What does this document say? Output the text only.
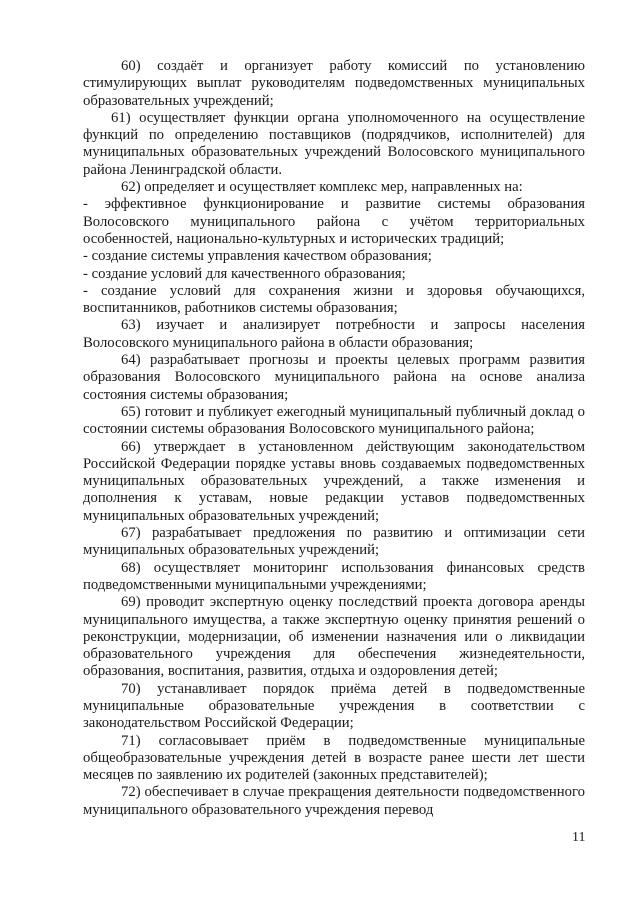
60) создаёт и организует работу комиссий по установлению стимулирующих выплат руководителям подведомственных муниципальных образовательных учреждений;

61) осуществляет функции органа уполномоченного на осуществление функций по определению поставщиков (подрядчиков, исполнителей) для муниципальных образовательных учреждений Волосовского муниципального района Ленинградской области.

62) определяет и осуществляет комплекс мер, направленных на:

- эффективное функционирование и развитие системы образования Волосовского муниципального района с учётом территориальных особенностей, национально-культурных и исторических традиций;

- создание системы управления качеством образования;

- создание условий для качественного образования;

- создание условий для сохранения жизни и здоровья обучающихся, воспитанников, работников системы образования;

63) изучает и анализирует потребности и запросы населения Волосовского муниципального района в области образования;

64) разрабатывает прогнозы и проекты целевых программ развития образования Волосовского муниципального района на основе анализа состояния системы образования;

65) готовит и публикует ежегодный муниципальный публичный доклад о состоянии системы образования Волосовского муниципального района;

66) утверждает в установленном действующим законодательством Российской Федерации порядке уставы вновь создаваемых подведомственных муниципальных образовательных учреждений, а также изменения и дополнения к уставам, новые редакции уставов подведомственных муниципальных образовательных учреждений;

67) разрабатывает предложения по развитию и оптимизации сети муниципальных образовательных учреждений;

68) осуществляет мониторинг использования финансовых средств подведомственными муниципальными учреждениями;

69) проводит экспертную оценку последствий проекта договора аренды муниципального имущества, а также экспертную оценку принятия решений о реконструкции, модернизации, об изменении назначения или о ликвидации образовательного учреждения для обеспечения жизнедеятельности, образования, воспитания, развития, отдыха и оздоровления детей;

70) устанавливает порядок приёма детей в подведомственные муниципальные образовательные учреждения в соответствии с законодательством Российской Федерации;

71) согласовывает приём в подведомственные муниципальные общеобразовательные учреждения детей в возрасте ранее шести лет шести месяцев по заявлению их родителей (законных представителей);

72) обеспечивает в случае прекращения деятельности подведомственного муниципального образовательного учреждения перевод

11
